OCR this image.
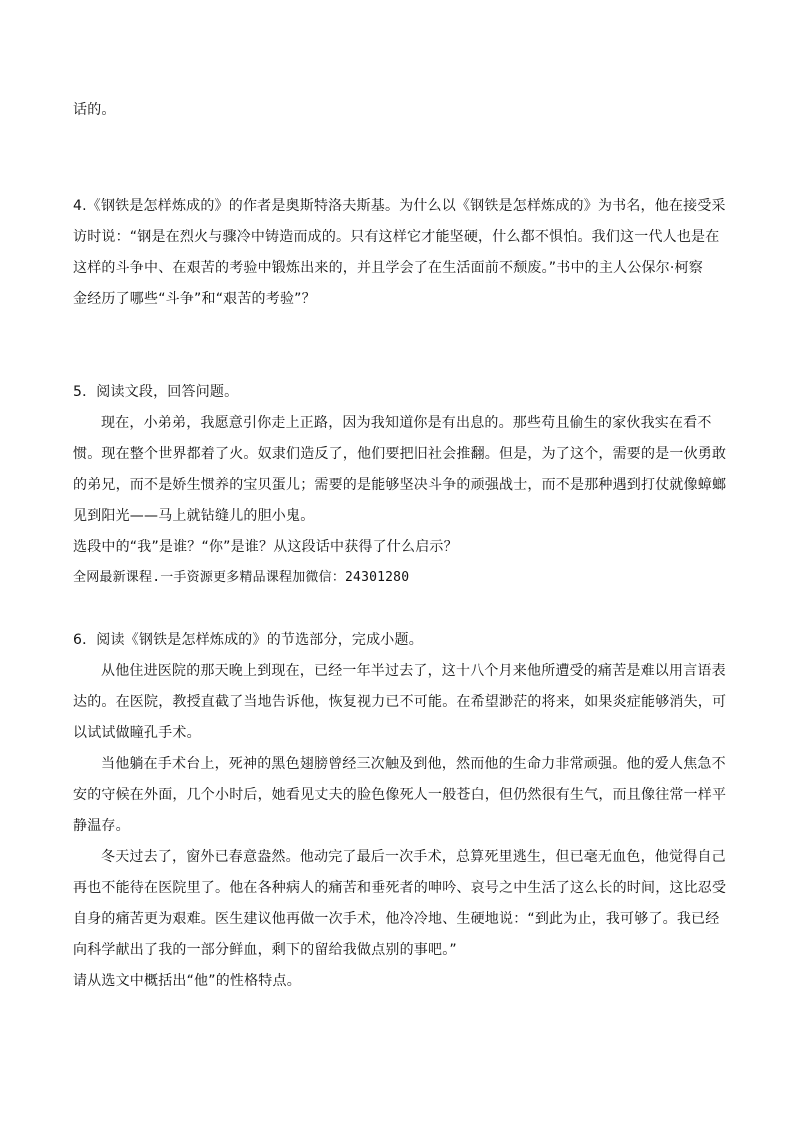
话的。
4.《钢铁是怎样炼成的》的作者是奥斯特洛夫斯基。为什么以《钢铁是怎样炼成的》为书名，他在接受采
访时说：“钢是在烈火与骤冷中铸造而成的。只有这样它才能坚硬，什么都不惧怕。我们这一代人也是在
这样的斗争中、在艰苦的考验中锻炼出来的，并且学会了在生活面前不颓废。”书中的主人公保尔·柯察
金经历了哪些“斗争”和“艰苦的考验”？
5．阅读文段，回答问题。
现在，小弟弟，我愿意引你走上正路，因为我知道你是有出息的。那些苟且偷生的家伙我实在看不
惯。现在整个世界都着了火。奴隶们造反了，他们要把旧社会推翻。但是，为了这个，需要的是一伙勇敢
的弟兄，而不是娇生惯养的宝贝蛋儿；需要的是能够坚决斗争的顽强战士，而不是那种遇到打仗就像蟑螂
见到阳光——马上就钻缝儿的胆小鬼。
选段中的“我”是谁？“你”是谁？从这段话中获得了什么启示？
全网最新课程.一手资源更多精品课程加微信：24301280
6．阅读《钢铁是怎样炼成的》的节选部分，完成小题。
从他住进医院的那天晚上到现在，已经一年半过去了，这十八个月来他所遭受的痛苦是难以用言语表
达的。在医院，教授直截了当地告诉他，恢复视力已不可能。在希望渺茫的将来，如果炎症能够消失，可
以试试做瞳孔手术。
当他躺在手术台上，死神的黑色翅膀曾经三次触及到他，然而他的生命力非常顽强。他的爱人焦急不
安的守候在外面，几个小时后，她看见丈夫的脸色像死人一般苍白，但仍然很有生气，而且像往常一样平
静温存。
冬天过去了，窗外已春意盎然。他动完了最后一次手术，总算死里逃生，但已毫无血色，他觉得自己
再也不能待在医院里了。他在各种病人的痛苦和垂死者的呻吟、哀号之中生活了这么长的时间，这比忍受
自身的痛苦更为艰难。医生建议他再做一次手术，他冷冷地、生硬地说：“到此为止，我可够了。我已经
向科学献出了我的一部分鲜血，剩下的留给我做点别的事吧。”
请从选文中概括出“他”的性格特点。
